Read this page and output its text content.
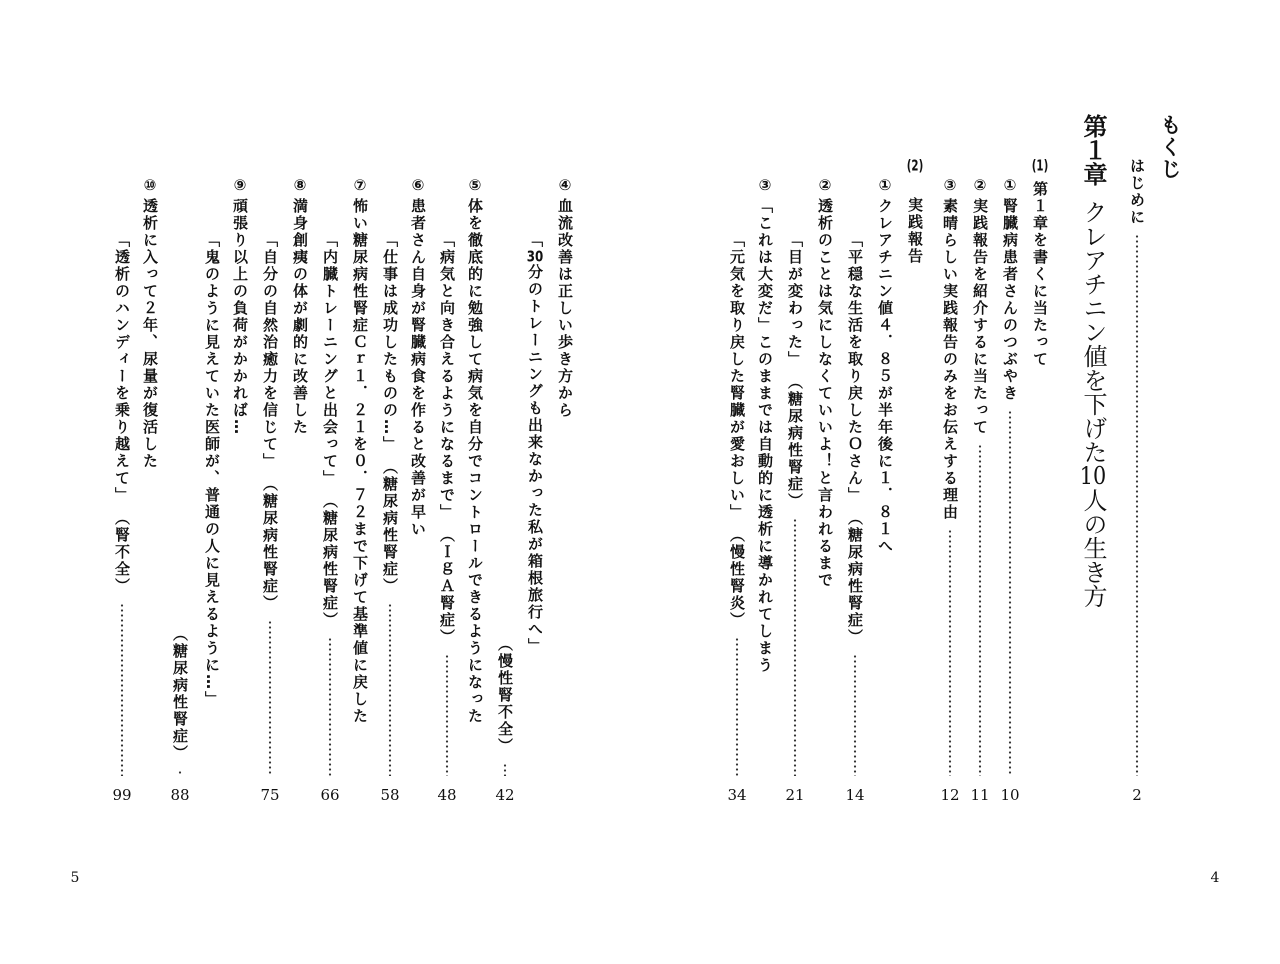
もくじ
はじめに
2
第１章
クレアチニン値を下げた10人の生き方
(1)
第１章を書くに当たって
①
腎臓病患者さんのつぶやき
10
②
実践報告を紹介するに当たって
11
③
素晴らしい実践報告のみをお伝えする理由
12
(2)
実践報告
①
クレアチニン値４．８５が半年後に１．８１へ
「平穏な生活を取り戻したＯさん」
（糖尿病性腎症）
14
②
透析のことは気にしなくていいよ！と言われるまで
「目が変わった」
（糖尿病性腎症）
21
③
「これは大変だ」このままでは自動的に透析に導かれてしまう
「元気を取り戻した腎臓が愛おしい」
（慢性腎炎）
34
4
④
血流改善は正しい歩き方から
「30分のトレーニングも出来なかった私が箱根旅行へ」
（慢性腎不全）
42
⑤
体を徹底的に勉強して病気を自分でコントロールできるようになった
「病気と向き合えるようになるまで」
（ＩｇＡ腎症）
48
⑥
患者さん自身が腎臓病食を作ると改善が早い
「仕事は成功したものの…」
（糖尿病性腎症）
58
⑦
怖い糖尿病性腎症Ｃｒ１．２１を０．７２まで下げて基準値に戻した
「内臓トレーニングと出会って」
（糖尿病性腎症）
66
⑧
満身創痍の体が劇的に改善した
「自分の自然治癒力を信じて」
（糖尿病性腎症）
75
⑨
頑張り以上の負荷がかかれば…
「鬼のように見えていた医師が、普通の人に見えるように…」
（糖尿病性腎症）
88
⑩
透析に入って２年、尿量が復活した
「透析のハンディーを乗り越えて」
（腎不全）
99
5
